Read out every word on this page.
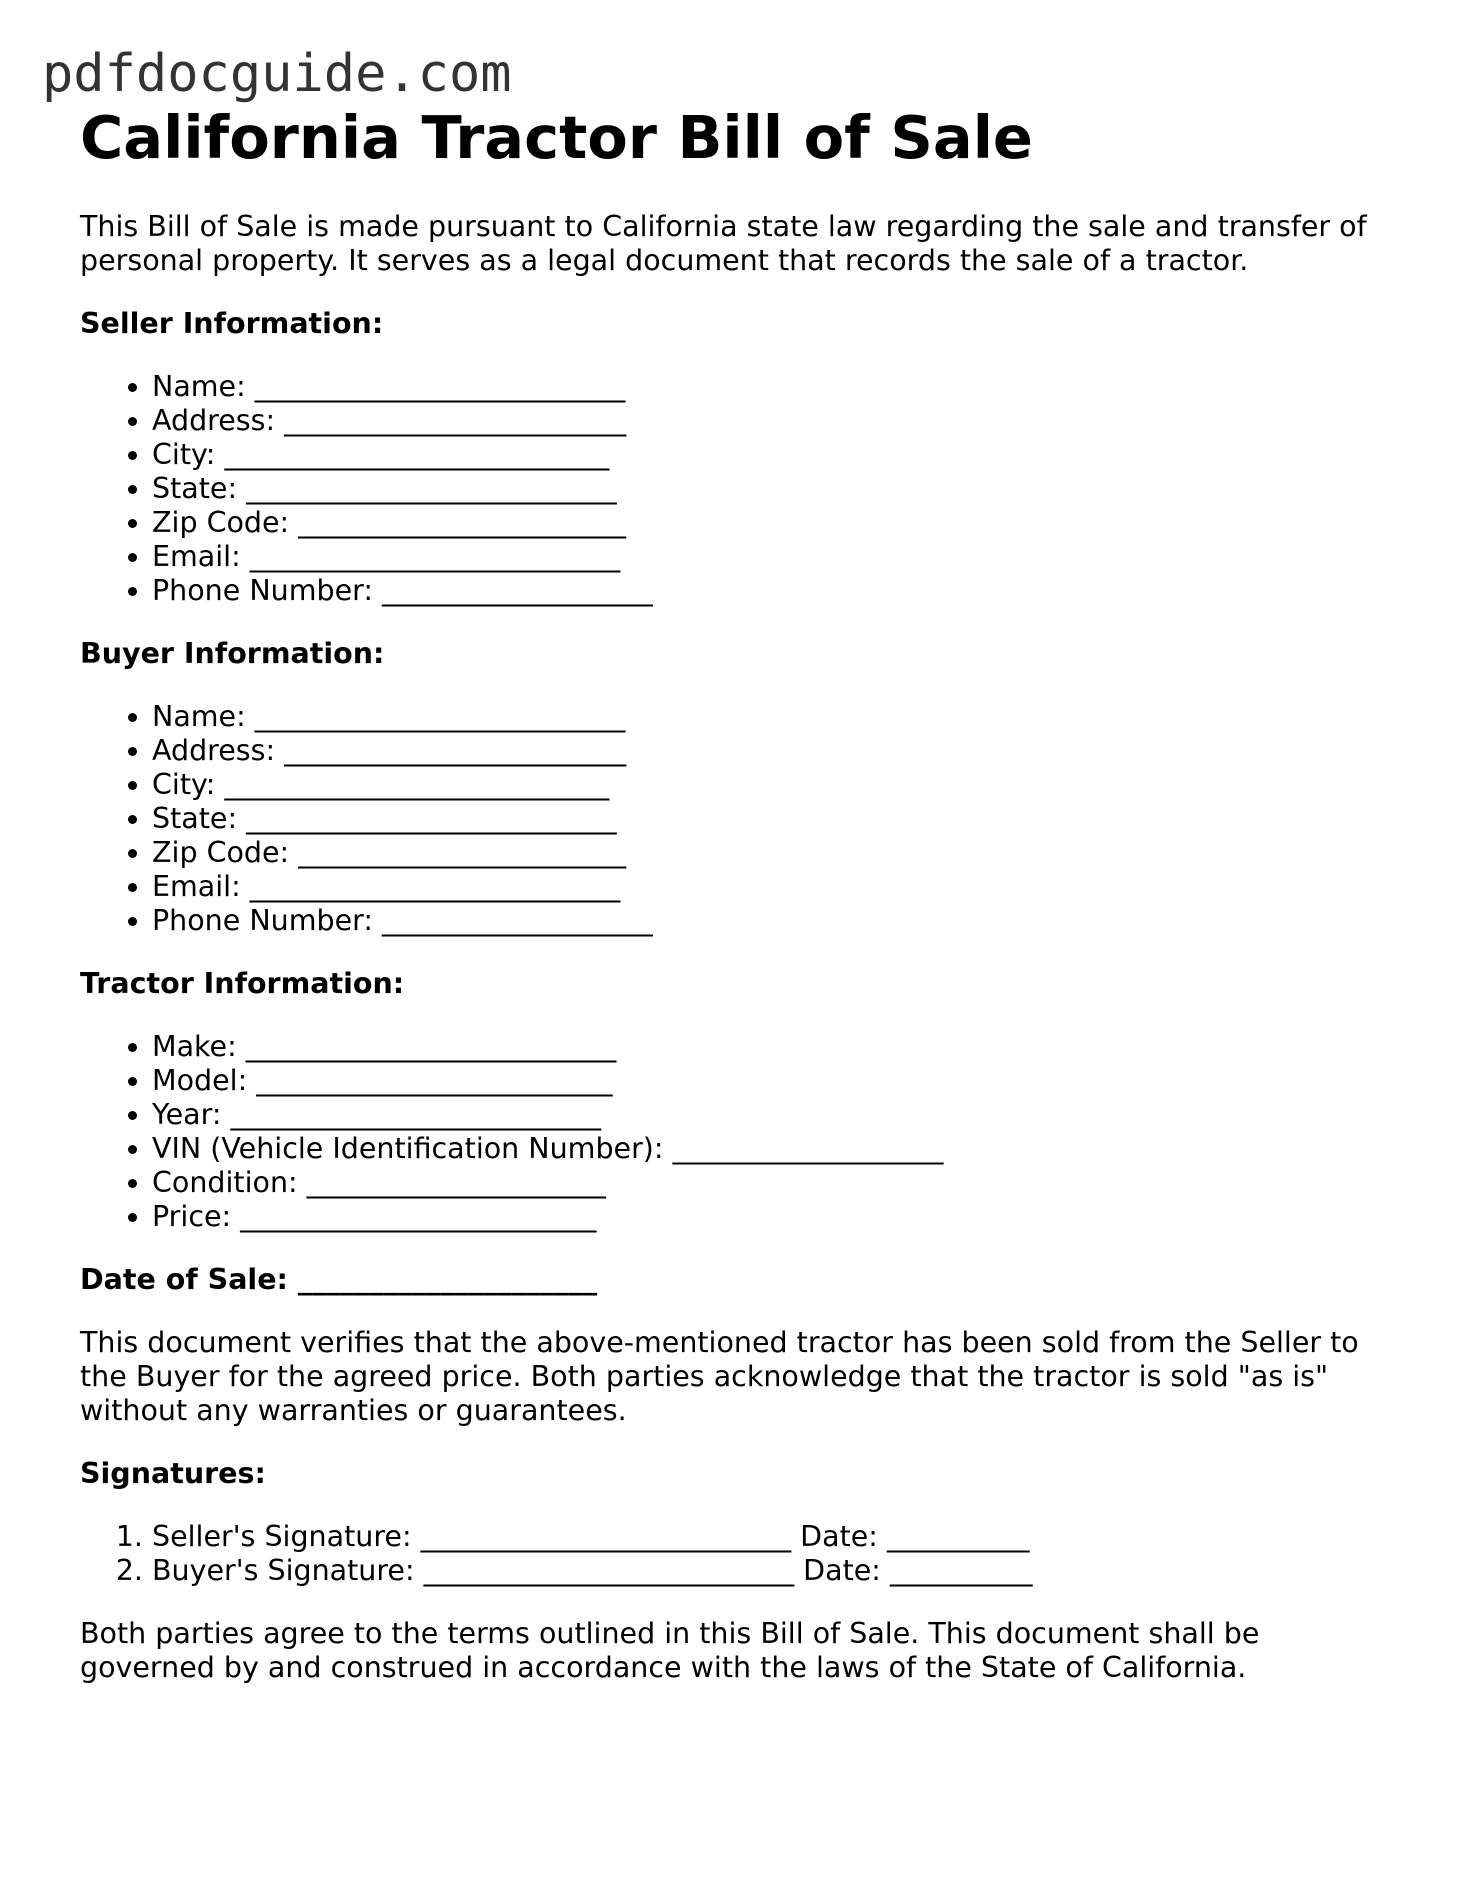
pdfdocguide.com
California Tractor Bill of Sale

This Bill of Sale is made pursuant to California state law regarding the sale and transfer of personal property. It serves as a legal document that records the sale of a tractor.

Seller Information:
• Name: __________________________
• Address: ________________________
• City: ___________________________
• State: __________________________
• Zip Code: _______________________
• Email: __________________________
• Phone Number: ___________________
Buyer Information:
• Name: __________________________
• Address: ________________________
• City: ___________________________
• State: __________________________
• Zip Code: _______________________
• Email: __________________________
• Phone Number: ___________________
Tractor Information:
• Make: __________________________
• Model: _________________________
• Year: __________________________
• VIN (Vehicle Identification Number): ___________________
• Condition: _____________________
• Price: _________________________
Date of Sale: _____________________

This document verifies that the above-mentioned tractor has been sold from the Seller to the Buyer for the agreed price. Both parties acknowledge that the tractor is sold "as is" without any warranties or guarantees.

Signatures:
1. Seller's Signature: __________________________ Date: __________
2. Buyer's Signature: __________________________ Date: __________

Both parties agree to the terms outlined in this Bill of Sale. This document shall be governed by and construed in accordance with the laws of the State of California.
